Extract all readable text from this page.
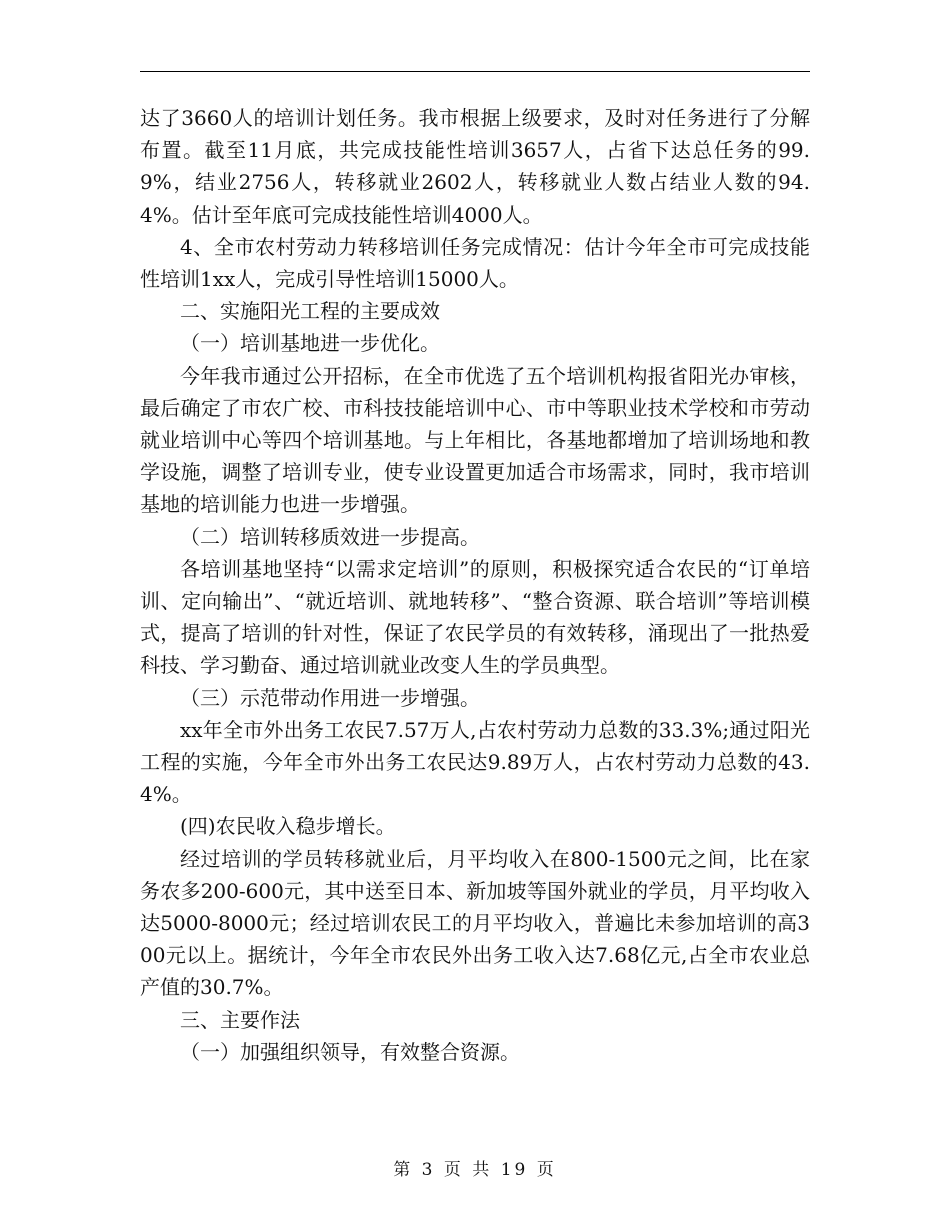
达了3660人的培训计划任务。我市根据上级要求，及时对任务进行了分解布置。截至11月底，共完成技能性培训3657人，占省下达总任务的99.9%，结业2756人，转移就业2602人，转移就业人数占结业人数的94.4%。估计至年底可完成技能性培训4000人。

4、全市农村劳动力转移培训任务完成情况：估计今年全市可完成技能性培训1xx人，完成引导性培训15000人。

二、实施阳光工程的主要成效

（一）培训基地进一步优化。

今年我市通过公开招标，在全市优选了五个培训机构报省阳光办审核，最后确定了市农广校、市科技技能培训中心、市中等职业技术学校和市劳动就业培训中心等四个培训基地。与上年相比，各基地都增加了培训场地和教学设施，调整了培训专业，使专业设置更加适合市场需求，同时，我市培训基地的培训能力也进一步增强。

（二）培训转移质效进一步提高。

各培训基地坚持“以需求定培训”的原则，积极探究适合农民的“订单培训、定向输出”、“就近培训、就地转移”、“整合资源、联合培训”等培训模式，提高了培训的针对性，保证了农民学员的有效转移，涌现出了一批热爱科技、学习勤奋、通过培训就业改变人生的学员典型。

（三）示范带动作用进一步增强。

xx年全市外出务工农民7.57万人,占农村劳动力总数的33.3%;通过阳光工程的实施，今年全市外出务工农民达9.89万人，占农村劳动力总数的43.4%。

(四)农民收入稳步增长。

经过培训的学员转移就业后，月平均收入在800-1500元之间，比在家务农多200-600元，其中送至日本、新加坡等国外就业的学员，月平均收入达5000-8000元；经过培训农民工的月平均收入，普遍比未参加培训的高300元以上。据统计，今年全市农民外出务工收入达7.68亿元,占全市农业总产值的30.7%。

三、主要作法

（一）加强组织领导，有效整合资源。

第 3 页 共 19 页
